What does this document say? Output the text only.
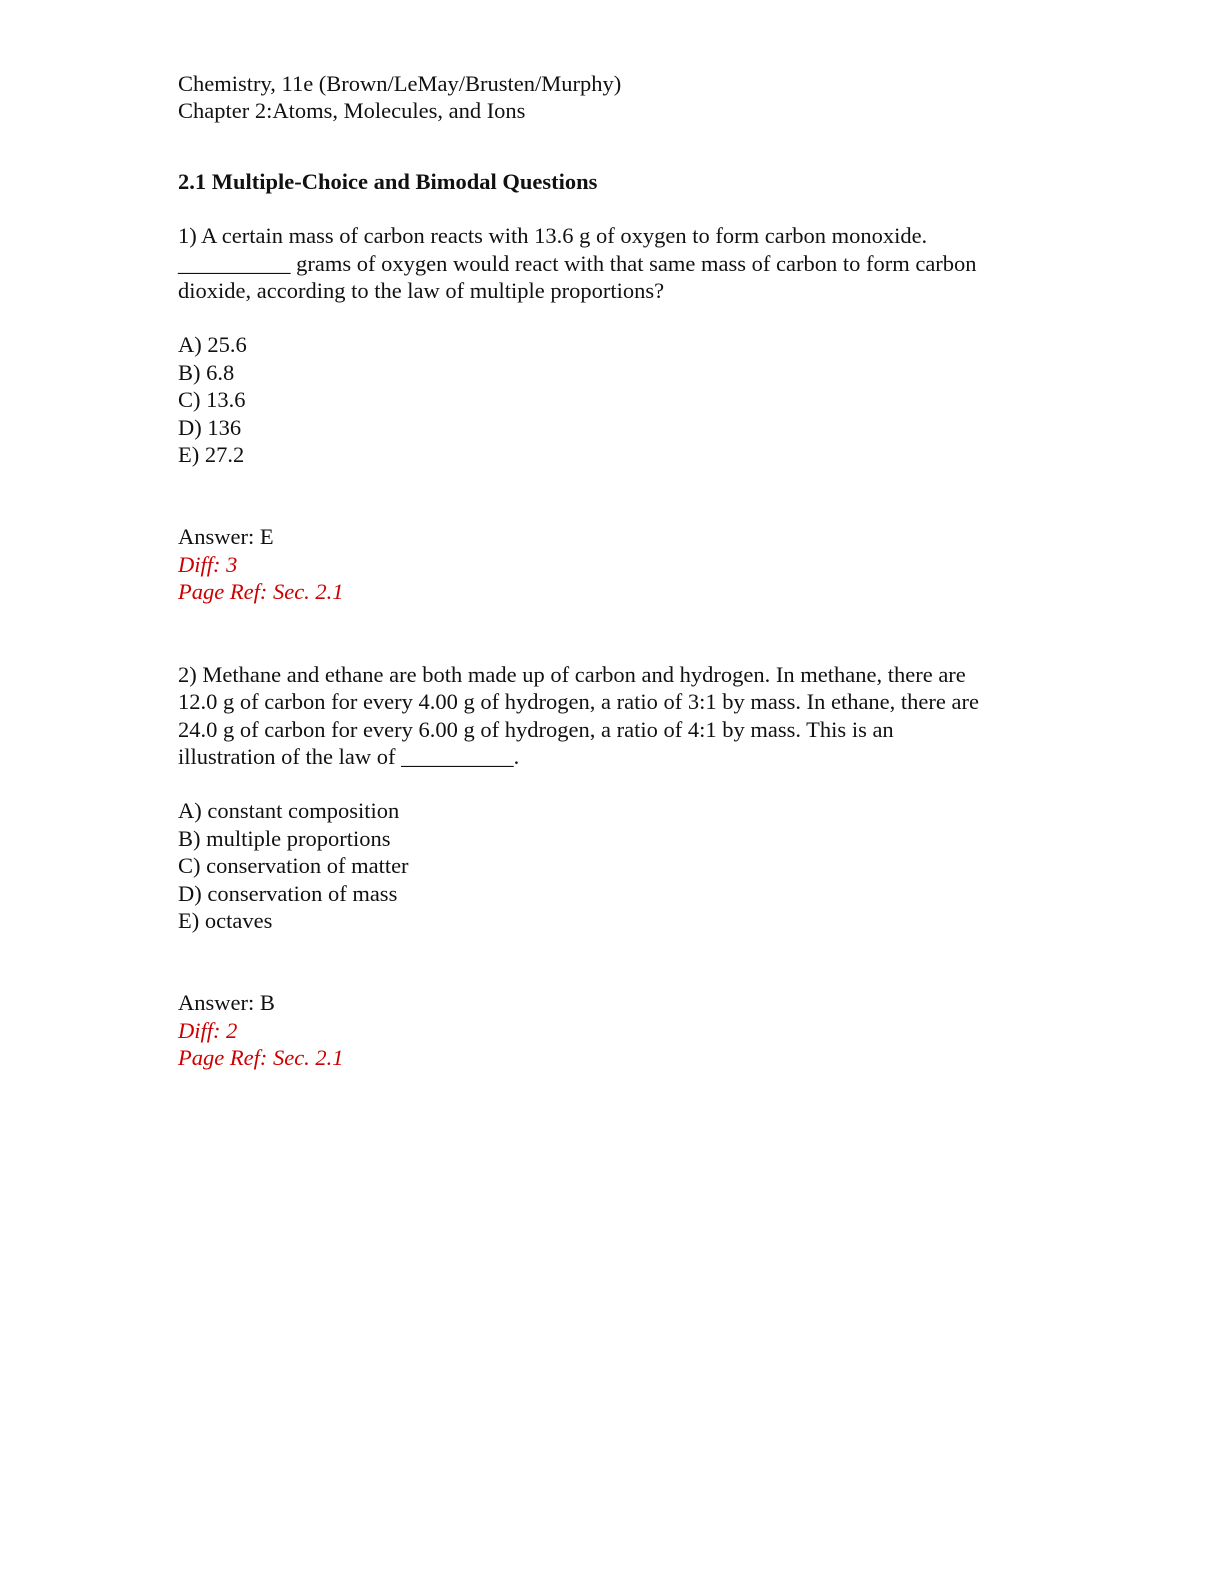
Chemistry, 11e (Brown/LeMay/Brusten/Murphy)
Chapter 2:Atoms, Molecules, and Ions
2.1 Multiple-Choice and Bimodal Questions
1) A certain mass of carbon reacts with 13.6 g of oxygen to form carbon monoxide.
__________ grams of oxygen would react with that same mass of carbon to form carbon
dioxide, according to the law of multiple proportions?
A) 25.6
B) 6.8
C) 13.6
D) 136
E) 27.2
Answer: E
Diff: 3
Page Ref: Sec. 2.1
2) Methane and ethane are both made up of carbon and hydrogen. In methane, there are
12.0 g of carbon for every 4.00 g of hydrogen, a ratio of 3:1 by mass. In ethane, there are
24.0 g of carbon for every 6.00 g of hydrogen, a ratio of 4:1 by mass. This is an
illustration of the law of __________.
A) constant composition
B) multiple proportions
C) conservation of matter
D) conservation of mass
E) octaves
Answer: B
Diff: 2
Page Ref: Sec. 2.1
